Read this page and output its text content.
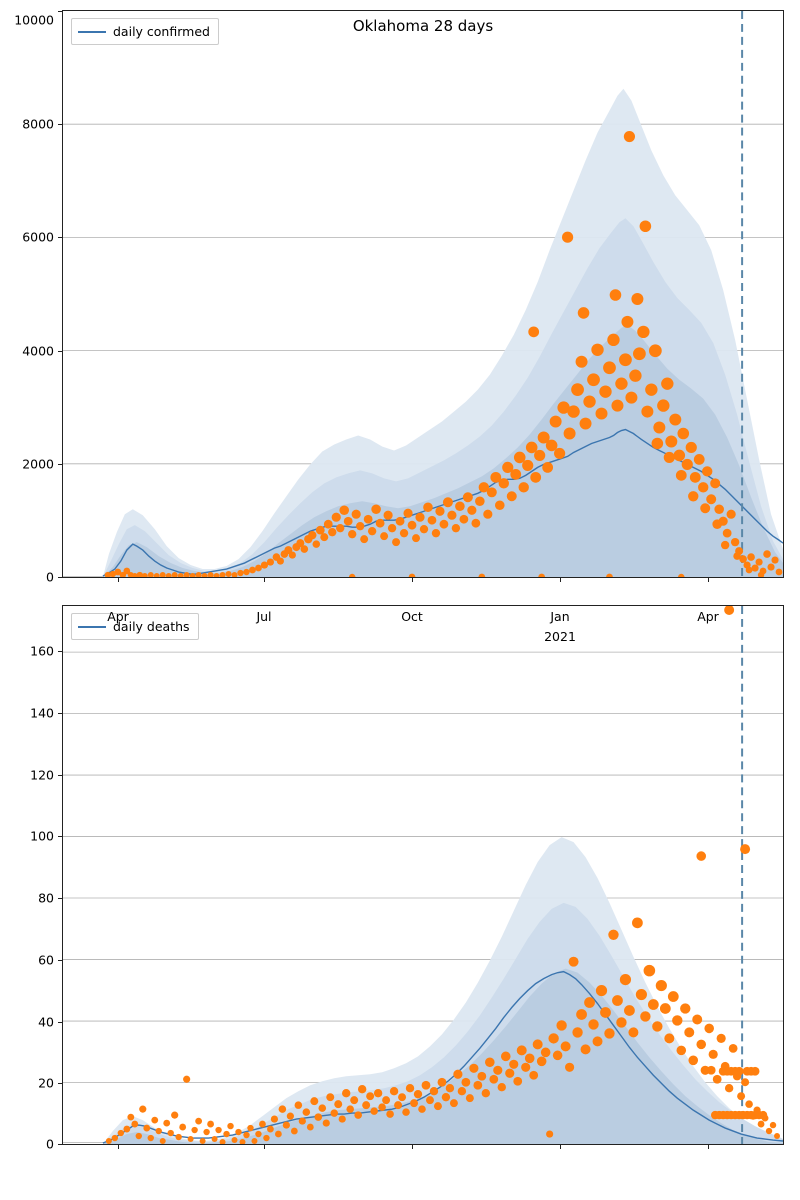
Oklahoma 28 days
daily confirmed
0
2000
4000
6000
8000
10000
daily deaths
0
20
40
60
80
100
120
140
160
Apr	Jul	Oct	Jan	Apr
2021
